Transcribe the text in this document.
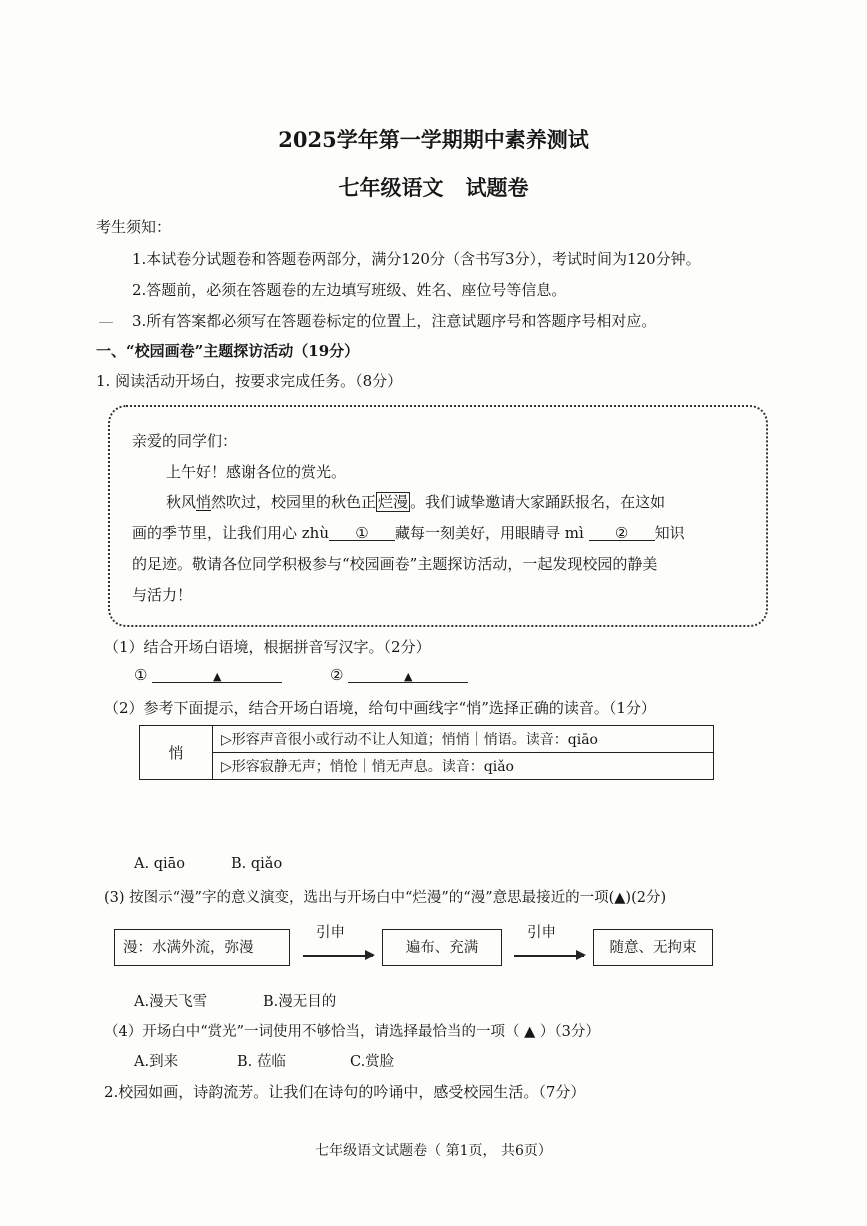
2025学年第一学期期中素养测试
七年级语文 试题卷
考生须知：
1.本试卷分试题卷和答题卷两部分，满分120分（含书写3分），考试时间为120分钟。
2.答题前，必须在答题卷的左边填写班级、姓名、座位号等信息。
3.所有答案都必须写在答题卷标定的位置上，注意试题序号和答题序号相对应。
一、“校园画卷”主题探访活动（19分）
1. 阅读活动开场白，按要求完成任务。（8分）
亲爱的同学们：
上午好！感谢各位的赏光。
秋风悄然吹过，校园里的秋色正 烂漫 。我们诚挚邀请大家踊跃报名，在这如
画的季节里，让我们用心 zhù ① 藏每一刻美好，用眼睛寻 mì ② 知识
的足迹。敬请各位同学积极参与“校园画卷”主题探访活动，一起发现校园的静美
与活力！
（1）结合开场白语境，根据拼音写汉字。（2分）
①	▲	②	▲
（2）参考下面提示，结合开场白语境，给句中画线字“悄”选择正确的读音。（1分）
悄	▷形容声音很小或行动不让人知道；悄悄｜悄语。读音：qiāo
▷形容寂静无声；悄怆｜悄无声息。读音：qiǎo
A. qiāo	B. qiǎo
(3) 按图示“漫”字的意义演变，选出与开场白中“烂漫”的“漫”意思最接近的一项(▲)(2分)
漫：水满外流，弥漫
引申
遍布、充满
引申
随意、无拘束
A.漫天飞雪	B.漫无目的
（4）开场白中“赏光”一词使用不够恰当，请选择最恰当的一项（ ▲ ）（3分）
A.到来	B. 莅临	C.赏脸
2.校园如画，诗韵流芳。让我们在诗句的吟诵中，感受校园生活。（7分）
七年级语文试题卷（ 第1页， 共6页）
